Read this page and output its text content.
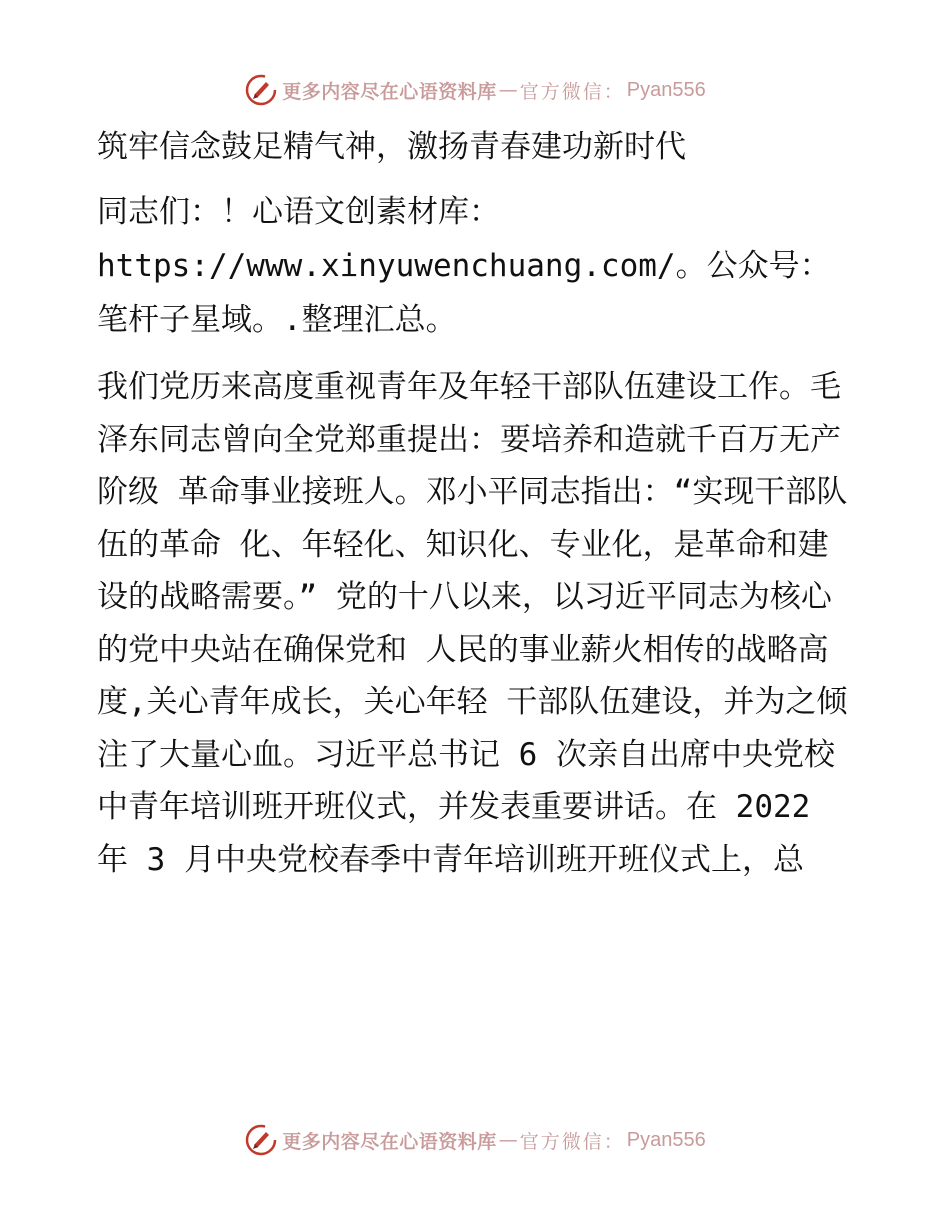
更多内容尽在心语资料库 — 官方微信： Pyan556
筑牢信念鼓足精气神，激扬青春建功新时代

同志们：！心语文创素材库：https://www.xinyuwenchuang.com/。公众号：笔杆子星域。.整理汇总。

我们党历来高度重视青年及年轻干部队伍建设工作。毛 泽东同志曾向全党郑重提出：要培养和造就千百万无产阶级 革命事业接班人。邓小平同志指出：“实现干部队伍的革命 化、年轻化、知识化、专业化，是革命和建设的战略需要。” 党的十八以来，以习近平同志为核心的党中央站在确保党和 人民的事业薪火相传的战略高度,关心青年成长，关心年轻 干部队伍建设，并为之倾注了大量心血。习近平总书记 6 次亲自出席中央党校中青年培训班开班仪式，并发表重要讲话。在 2022 年 3 月中央党校春季中青年培训班开班仪式上，总

更多内容尽在心语资料库 — 官方微信： Pyan556
